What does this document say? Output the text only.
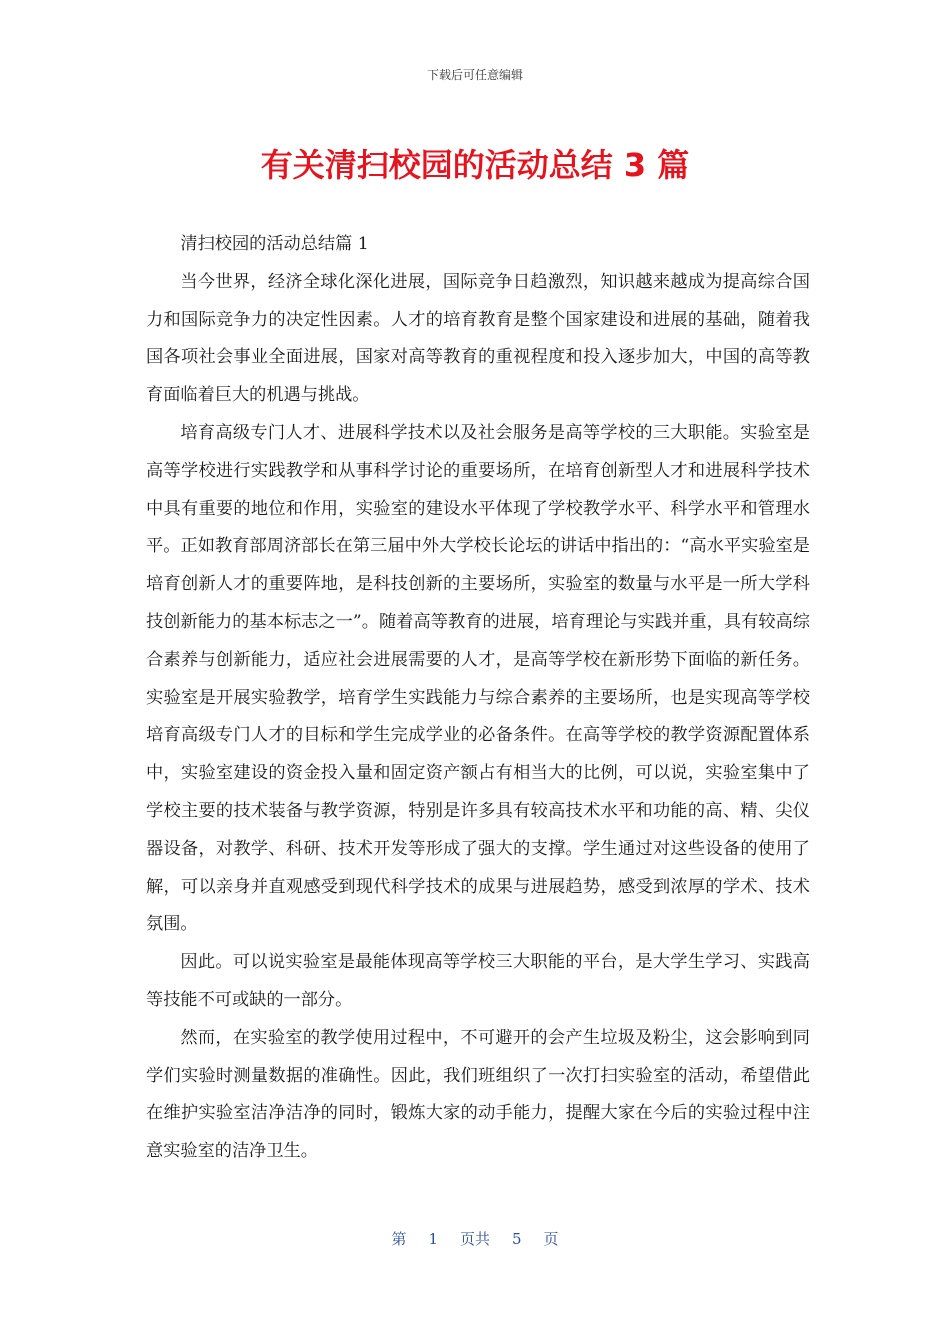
下载后可任意编辑
有关清扫校园的活动总结 3 篇

清扫校园的活动总结篇 1

当今世界，经济全球化深化进展，国际竞争日趋激烈，知识越来越成为提高综合国力和国际竞争力的决定性因素。人才的培育教育是整个国家建设和进展的基础，随着我国各项社会事业全面进展，国家对高等教育的重视程度和投入逐步加大，中国的高等教育面临着巨大的机遇与挑战。

培育高级专门人才、进展科学技术以及社会服务是高等学校的三大职能。实验室是高等学校进行实践教学和从事科学讨论的重要场所，在培育创新型人才和进展科学技术中具有重要的地位和作用，实验室的建设水平体现了学校教学水平、科学水平和管理水平。正如教育部周济部长在第三届中外大学校长论坛的讲话中指出的：“高水平实验室是培育创新人才的重要阵地，是科技创新的主要场所，实验室的数量与水平是一所大学科技创新能力的基本标志之一”。随着高等教育的进展，培育理论与实践并重，具有较高综合素养与创新能力，适应社会进展需要的人才，是高等学校在新形势下面临的新任务。实验室是开展实验教学，培育学生实践能力与综合素养的主要场所，也是实现高等学校培育高级专门人才的目标和学生完成学业的必备条件。在高等学校的教学资源配置体系中，实验室建设的资金投入量和固定资产额占有相当大的比例，可以说，实验室集中了学校主要的技术装备与教学资源，特别是许多具有较高技术水平和功能的高、精、尖仪器设备，对教学、科研、技术开发等形成了强大的支撑。学生通过对这些设备的使用了解，可以亲身并直观感受到现代科学技术的成果与进展趋势，感受到浓厚的学术、技术氛围。

因此。可以说实验室是最能体现高等学校三大职能的平台，是大学生学习、实践高等技能不可或缺的一部分。

然而，在实验室的教学使用过程中，不可避开的会产生垃圾及粉尘，这会影响到同学们实验时测量数据的准确性。因此，我们班组织了一次打扫实验室的活动，希望借此在维护实验室洁净洁净的同时，锻炼大家的动手能力，提醒大家在今后的实验过程中注意实验室的洁净卫生。

第 1 页共 5 页
